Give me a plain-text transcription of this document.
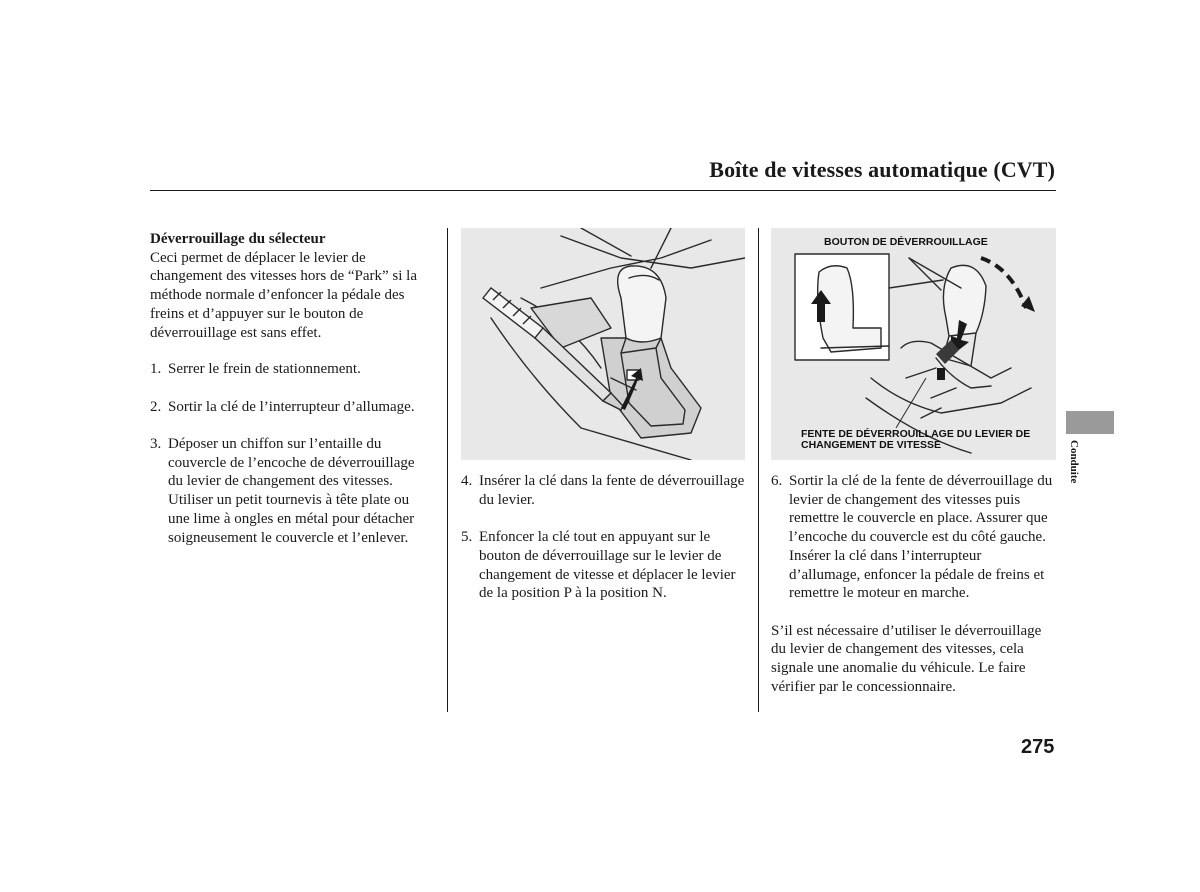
Boîte de vitesses automatique (CVT)

Déverrouillage du sélecteur

Ceci permet de déplacer le levier de changement des vitesses hors de “Park” si la méthode normale d’enfoncer la pédale des freins et d’appuyer sur le bouton de déverrouillage est sans effet.

1. Serrer le frein de stationnement.
2. Sortir la clé de l’interrupteur d’allumage.
3. Déposer un chiffon sur l’entaille du couvercle de l’encoche de déverrouillage du levier de changement des vitesses. Utiliser un petit tournevis à tête plate ou une lime à ongles en métal pour détacher soigneusement le couvercle et l’enlever.
4. Insérer la clé dans la fente de déverrouillage du levier.
5. Enfoncer la clé tout en appuyant sur le bouton de déverrouillage sur le levier de changement de vitesse et déplacer le levier de la position P à la position N.
BOUTON DE DÉVERROUILLAGE
FENTE DE DÉVERROUILLAGE DU LEVIER DE
CHANGEMENT DE VITESSE
6. Sortir la clé de la fente de déverrouillage du levier de changement des vitesses puis remettre le couvercle en place. Assurer que l’encoche du couvercle est du côté gauche. Insérer la clé dans l’interrupteur d’allumage, enfoncer la pédale de freins et remettre le moteur en marche.

S’il est nécessaire d’utiliser le déverrouillage du levier de changement des vitesses, cela signale une anomalie du véhicule. Le faire vérifier par le concessionnaire.

Conduite
275
